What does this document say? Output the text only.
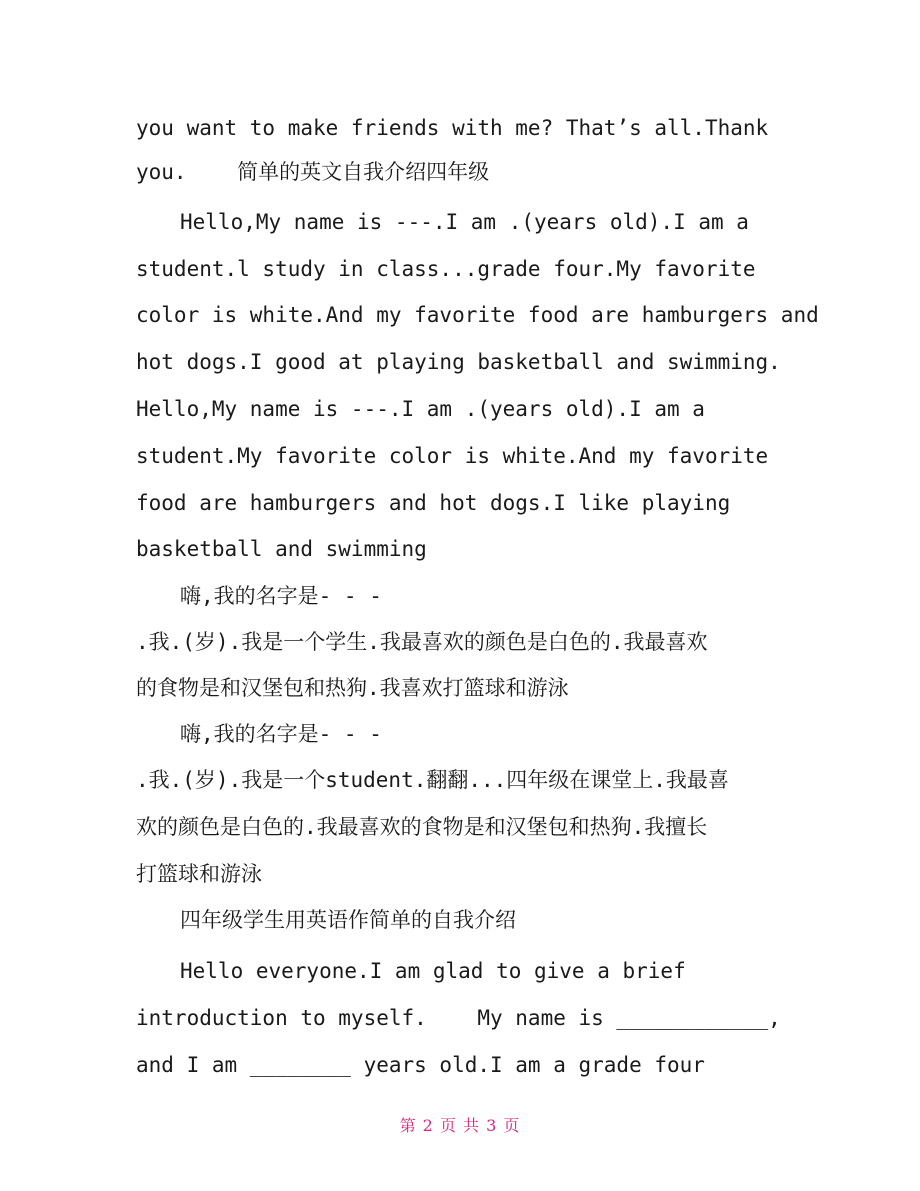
you want to make friends with me? That’s all.Thank
you.    简单的英文自我介绍四年级
Hello,My name is ---.I am .(years old).I am a
student.l study in class...grade four.My favorite
color is white.And my favorite food are hamburgers and
hot dogs.I good at playing basketball and swimming.
Hello,My name is ---.I am .(years old).I am a
student.My favorite color is white.And my favorite
food are hamburgers and hot dogs.I like playing
basketball and swimming
嗨,我的名字是- - -
.我.(岁).我是一个学生.我最喜欢的颜色是白色的.我最喜欢
的食物是和汉堡包和热狗.我喜欢打篮球和游泳
嗨,我的名字是- - -
.我.(岁).我是一个student.翻翻...四年级在课堂上.我最喜
欢的颜色是白色的.我最喜欢的食物是和汉堡包和热狗.我擅长
打篮球和游泳
四年级学生用英语作简单的自我介绍
Hello everyone.I am glad to give a brief
introduction to myself.    My name is ____________,
and I am ________ years old.I am a grade four
第 2 页 共 3 页
